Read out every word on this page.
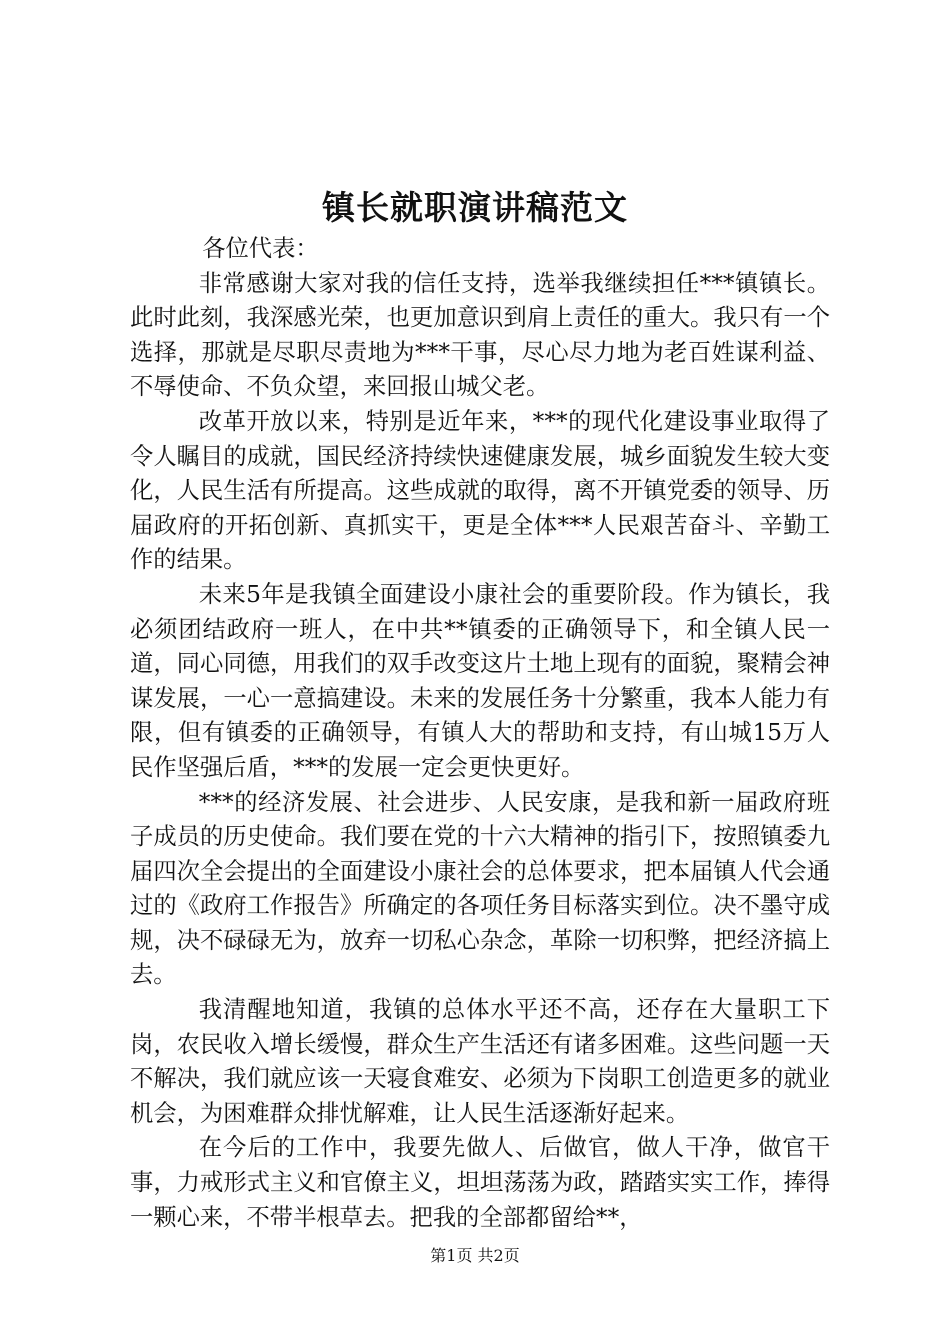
镇长就职演讲稿范文

各位代表：

非常感谢大家对我的信任支持，选举我继续担任***镇镇长。此时此刻，我深感光荣，也更加意识到肩上责任的重大。我只有一个选择，那就是尽职尽责地为***干事，尽心尽力地为老百姓谋利益、不辱使命、不负众望，来回报山城父老。

改革开放以来，特别是近年来，***的现代化建设事业取得了令人瞩目的成就，国民经济持续快速健康发展，城乡面貌发生较大变化，人民生活有所提高。这些成就的取得，离不开镇党委的领导、历届政府的开拓创新、真抓实干，更是全体***人民艰苦奋斗、辛勤工作的结果。

未来5年是我镇全面建设小康社会的重要阶段。作为镇长，我必须团结政府一班人，在中共**镇委的正确领导下，和全镇人民一道，同心同德，用我们的双手改变这片土地上现有的面貌，聚精会神谋发展，一心一意搞建设。未来的发展任务十分繁重，我本人能力有限，但有镇委的正确领导，有镇人大的帮助和支持，有山城15万人民作坚强后盾，***的发展一定会更快更好。

***的经济发展、社会进步、人民安康，是我和新一届政府班子成员的历史使命。我们要在党的十六大精神的指引下，按照镇委九届四次全会提出的全面建设小康社会的总体要求，把本届镇人代会通过的《政府工作报告》所确定的各项任务目标落实到位。决不墨守成规，决不碌碌无为，放弃一切私心杂念，革除一切积弊，把经济搞上去。

我清醒地知道，我镇的总体水平还不高，还存在大量职工下岗，农民收入增长缓慢，群众生产生活还有诸多困难。这些问题一天不解决，我们就应该一天寝食难安、必须为下岗职工创造更多的就业机会，为困难群众排忧解难，让人民生活逐渐好起来。

在今后的工作中，我要先做人、后做官，做人干净，做官干事，力戒形式主义和官僚主义，坦坦荡荡为政，踏踏实实工作，捧得一颗心来，不带半根草去。把我的全部都留给**，

第1页 共2页
